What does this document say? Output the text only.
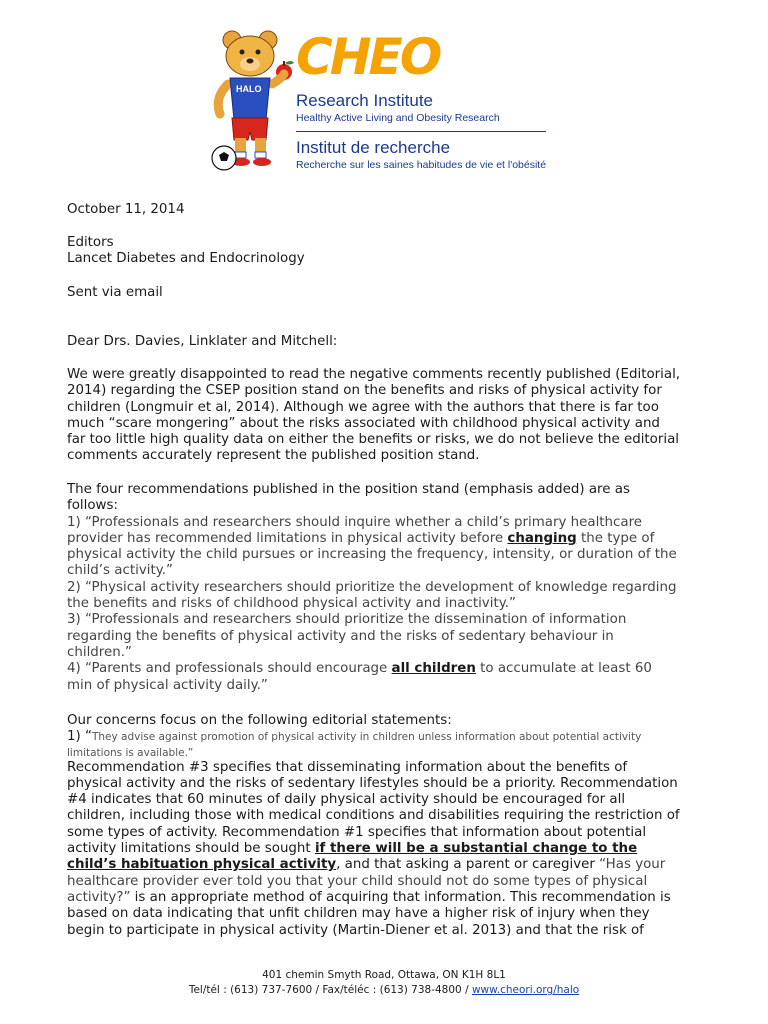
HALO
CHEO
Research Institute
Healthy Active Living and Obesity Research
Institut de recherche
Recherche sur les saines habitudes de vie et l'obésité
October 11, 2014
Editors
Lancet Diabetes and Endocrinology
Sent via email
Dear Drs. Davies, Linklater and Mitchell:
We were greatly disappointed to read the negative comments recently published (Editorial,
2014) regarding the CSEP position stand on the benefits and risks of physical activity for
children (Longmuir et al, 2014). Although we agree with the authors that there is far too
much “scare mongering” about the risks associated with childhood physical activity and
far too little high quality data on either the benefits or risks, we do not believe the editorial
comments accurately represent the published position stand.
The four recommendations published in the position stand (emphasis added) are as
follows:
1) “Professionals and researchers should inquire whether a child’s primary healthcare
provider has recommended limitations in physical activity before changing the type of
physical activity the child pursues or increasing the frequency, intensity, or duration of the
child’s activity.”
2) “Physical activity researchers should prioritize the development of knowledge regarding
the benefits and risks of childhood physical activity and inactivity.”
3) “Professionals and researchers should prioritize the dissemination of information
regarding the benefits of physical activity and the risks of sedentary behaviour in
children.”
4) “Parents and professionals should encourage all children to accumulate at least 60
min of physical activity daily.”
Our concerns focus on the following editorial statements:
1) “They advise against promotion of physical activity in children unless information about potential activity
limitations is available.”
Recommendation #3 specifies that disseminating information about the benefits of
physical activity and the risks of sedentary lifestyles should be a priority. Recommendation
#4 indicates that 60 minutes of daily physical activity should be encouraged for all
children, including those with medical conditions and disabilities requiring the restriction of
some types of activity. Recommendation #1 specifies that information about potential
activity limitations should be sought if there will be a substantial change to the
child’s habituation physical activity, and that asking a parent or caregiver “Has your
healthcare provider ever told you that your child should not do some types of physical
activity?” is an appropriate method of acquiring that information. This recommendation is
based on data indicating that unfit children may have a higher risk of injury when they
begin to participate in physical activity (Martin-Diener et al. 2013) and that the risk of
401 chemin Smyth Road, Ottawa, ON K1H 8L1
Tel/tél : (613) 737-7600 / Fax/téléc : (613) 738-4800 / www.cheori.org/halo
